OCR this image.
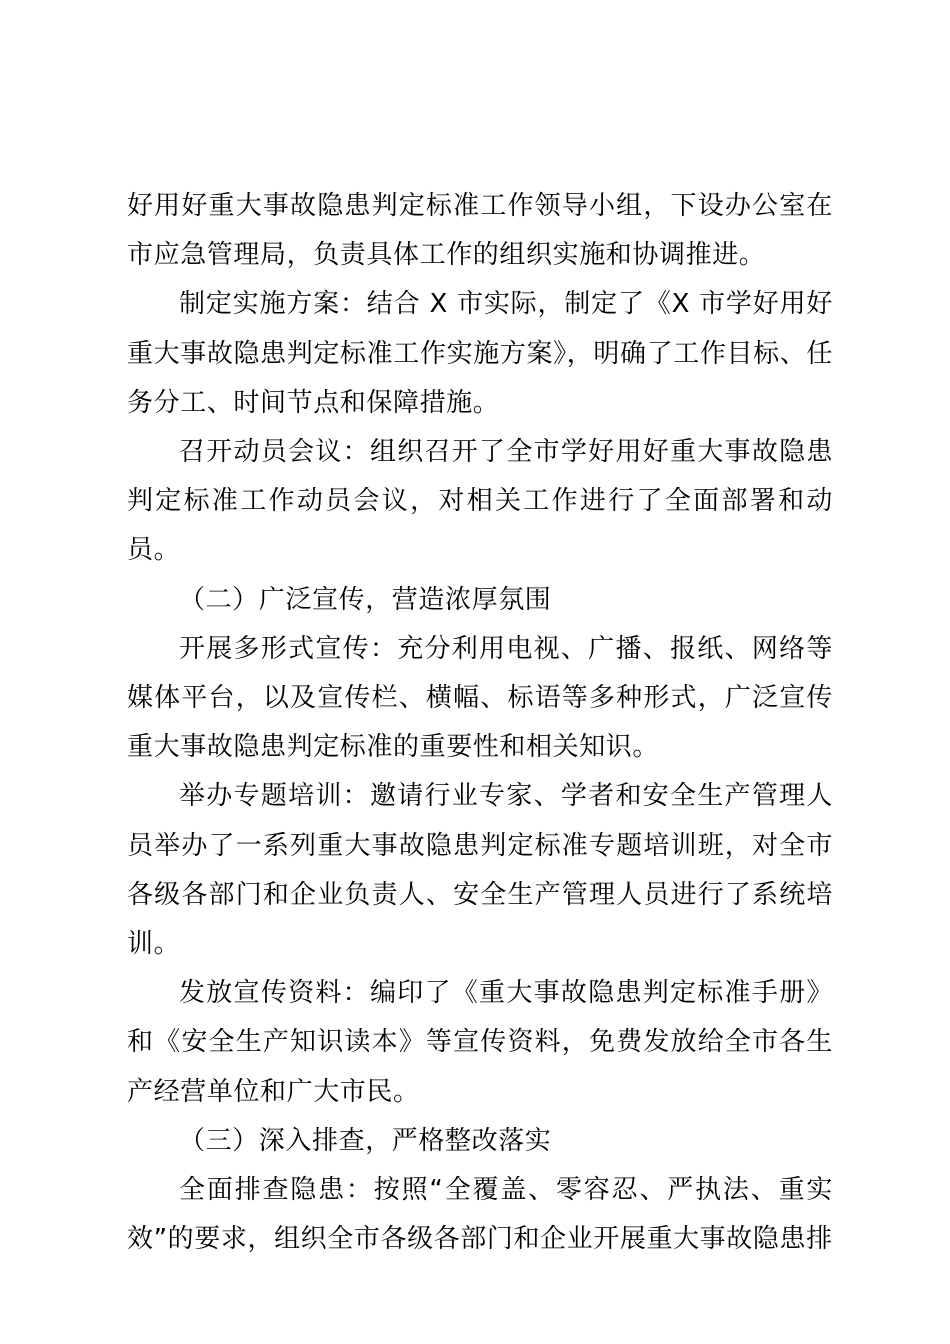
好用好重大事故隐患判定标准工作领导小组，下设办公室在市应急管理局，负责具体工作的组织实施和协调推进。

制定实施方案：结合 X 市实际，制定了《X 市学好用好重大事故隐患判定标准工作实施方案》，明确了工作目标、任务分工、时间节点和保障措施。

召开动员会议：组织召开了全市学好用好重大事故隐患判定标准工作动员会议，对相关工作进行了全面部署和动员。

（二）广泛宣传，营造浓厚氛围

开展多形式宣传：充分利用电视、广播、报纸、网络等媒体平台，以及宣传栏、横幅、标语等多种形式，广泛宣传重大事故隐患判定标准的重要性和相关知识。

举办专题培训：邀请行业专家、学者和安全生产管理人员举办了一系列重大事故隐患判定标准专题培训班，对全市各级各部门和企业负责人、安全生产管理人员进行了系统培训。

发放宣传资料：编印了《重大事故隐患判定标准手册》和《安全生产知识读本》等宣传资料，免费发放给全市各生产经营单位和广大市民。

（三）深入排查，严格整改落实

全面排查隐患：按照“全覆盖、零容忍、严执法、重实效”的要求，组织全市各级各部门和企业开展重大事故隐患排
